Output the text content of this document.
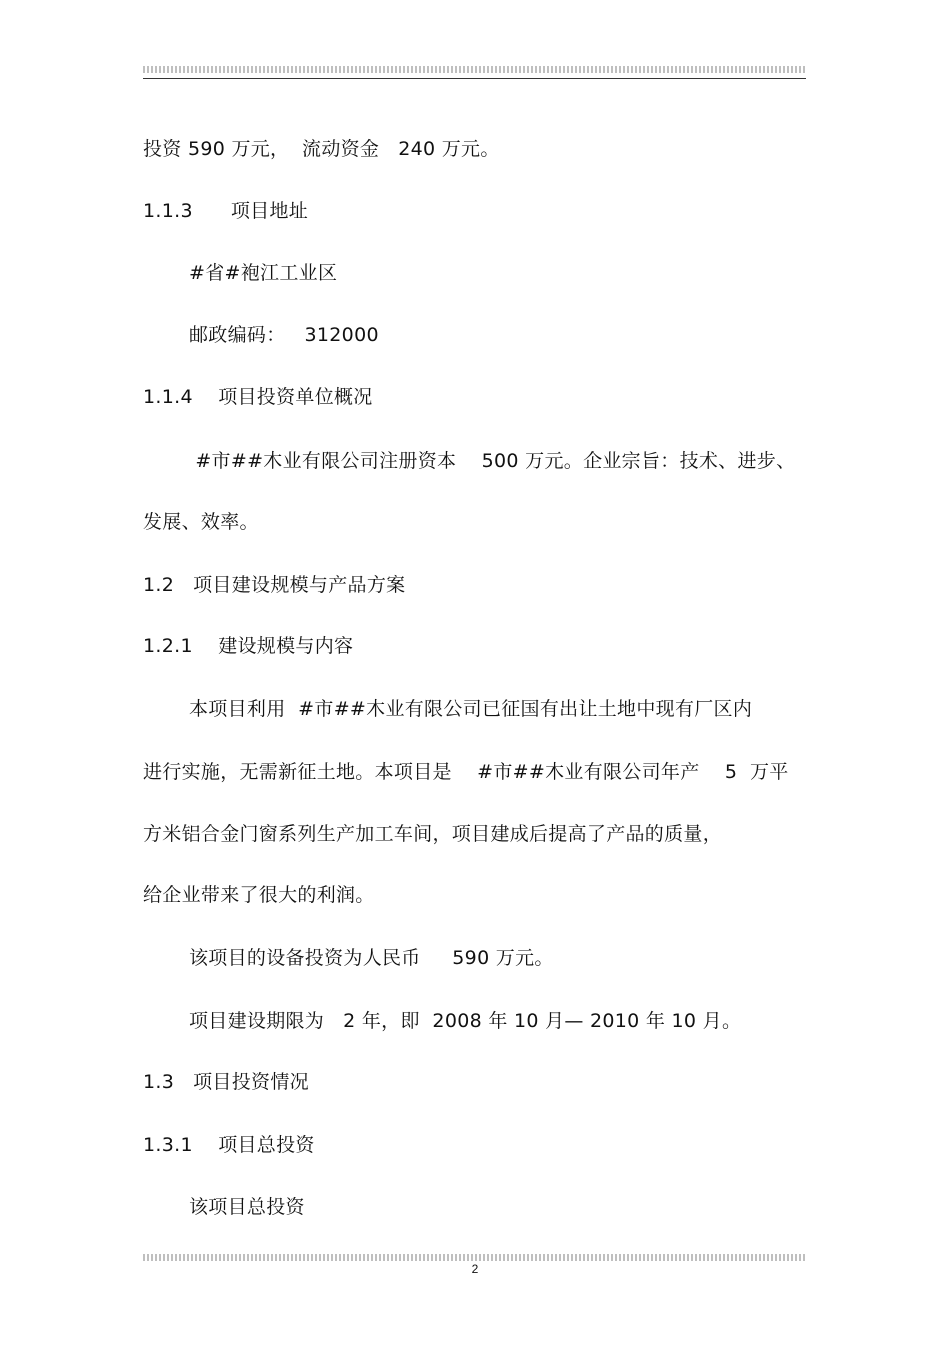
投资 590 万元，  流动资金   240 万元。
1.1.3      项目地址
#省#袍江工业区
邮政编码：   312000
1.1.4    项目投资单位概况
#市##木业有限公司注册资本    500 万元。企业宗旨：技术、进步、
发展、效率。
1.2   项目建设规模与产品方案
1.2.1    建设规模与内容
本项目利用  #市##木业有限公司已征国有出让土地中现有厂区内
进行实施，无需新征土地。本项目是    #市##木业有限公司年产    5  万平
方米铝合金门窗系列生产加工车间，项目建成后提高了产品的质量，
给企业带来了很大的利润。
该项目的设备投资为人民币     590 万元。
项目建设期限为   2 年，即  2008 年 10 月— 2010 年 10 月。
1.3   项目投资情况
1.3.1    项目总投资
该项目总投资
2
